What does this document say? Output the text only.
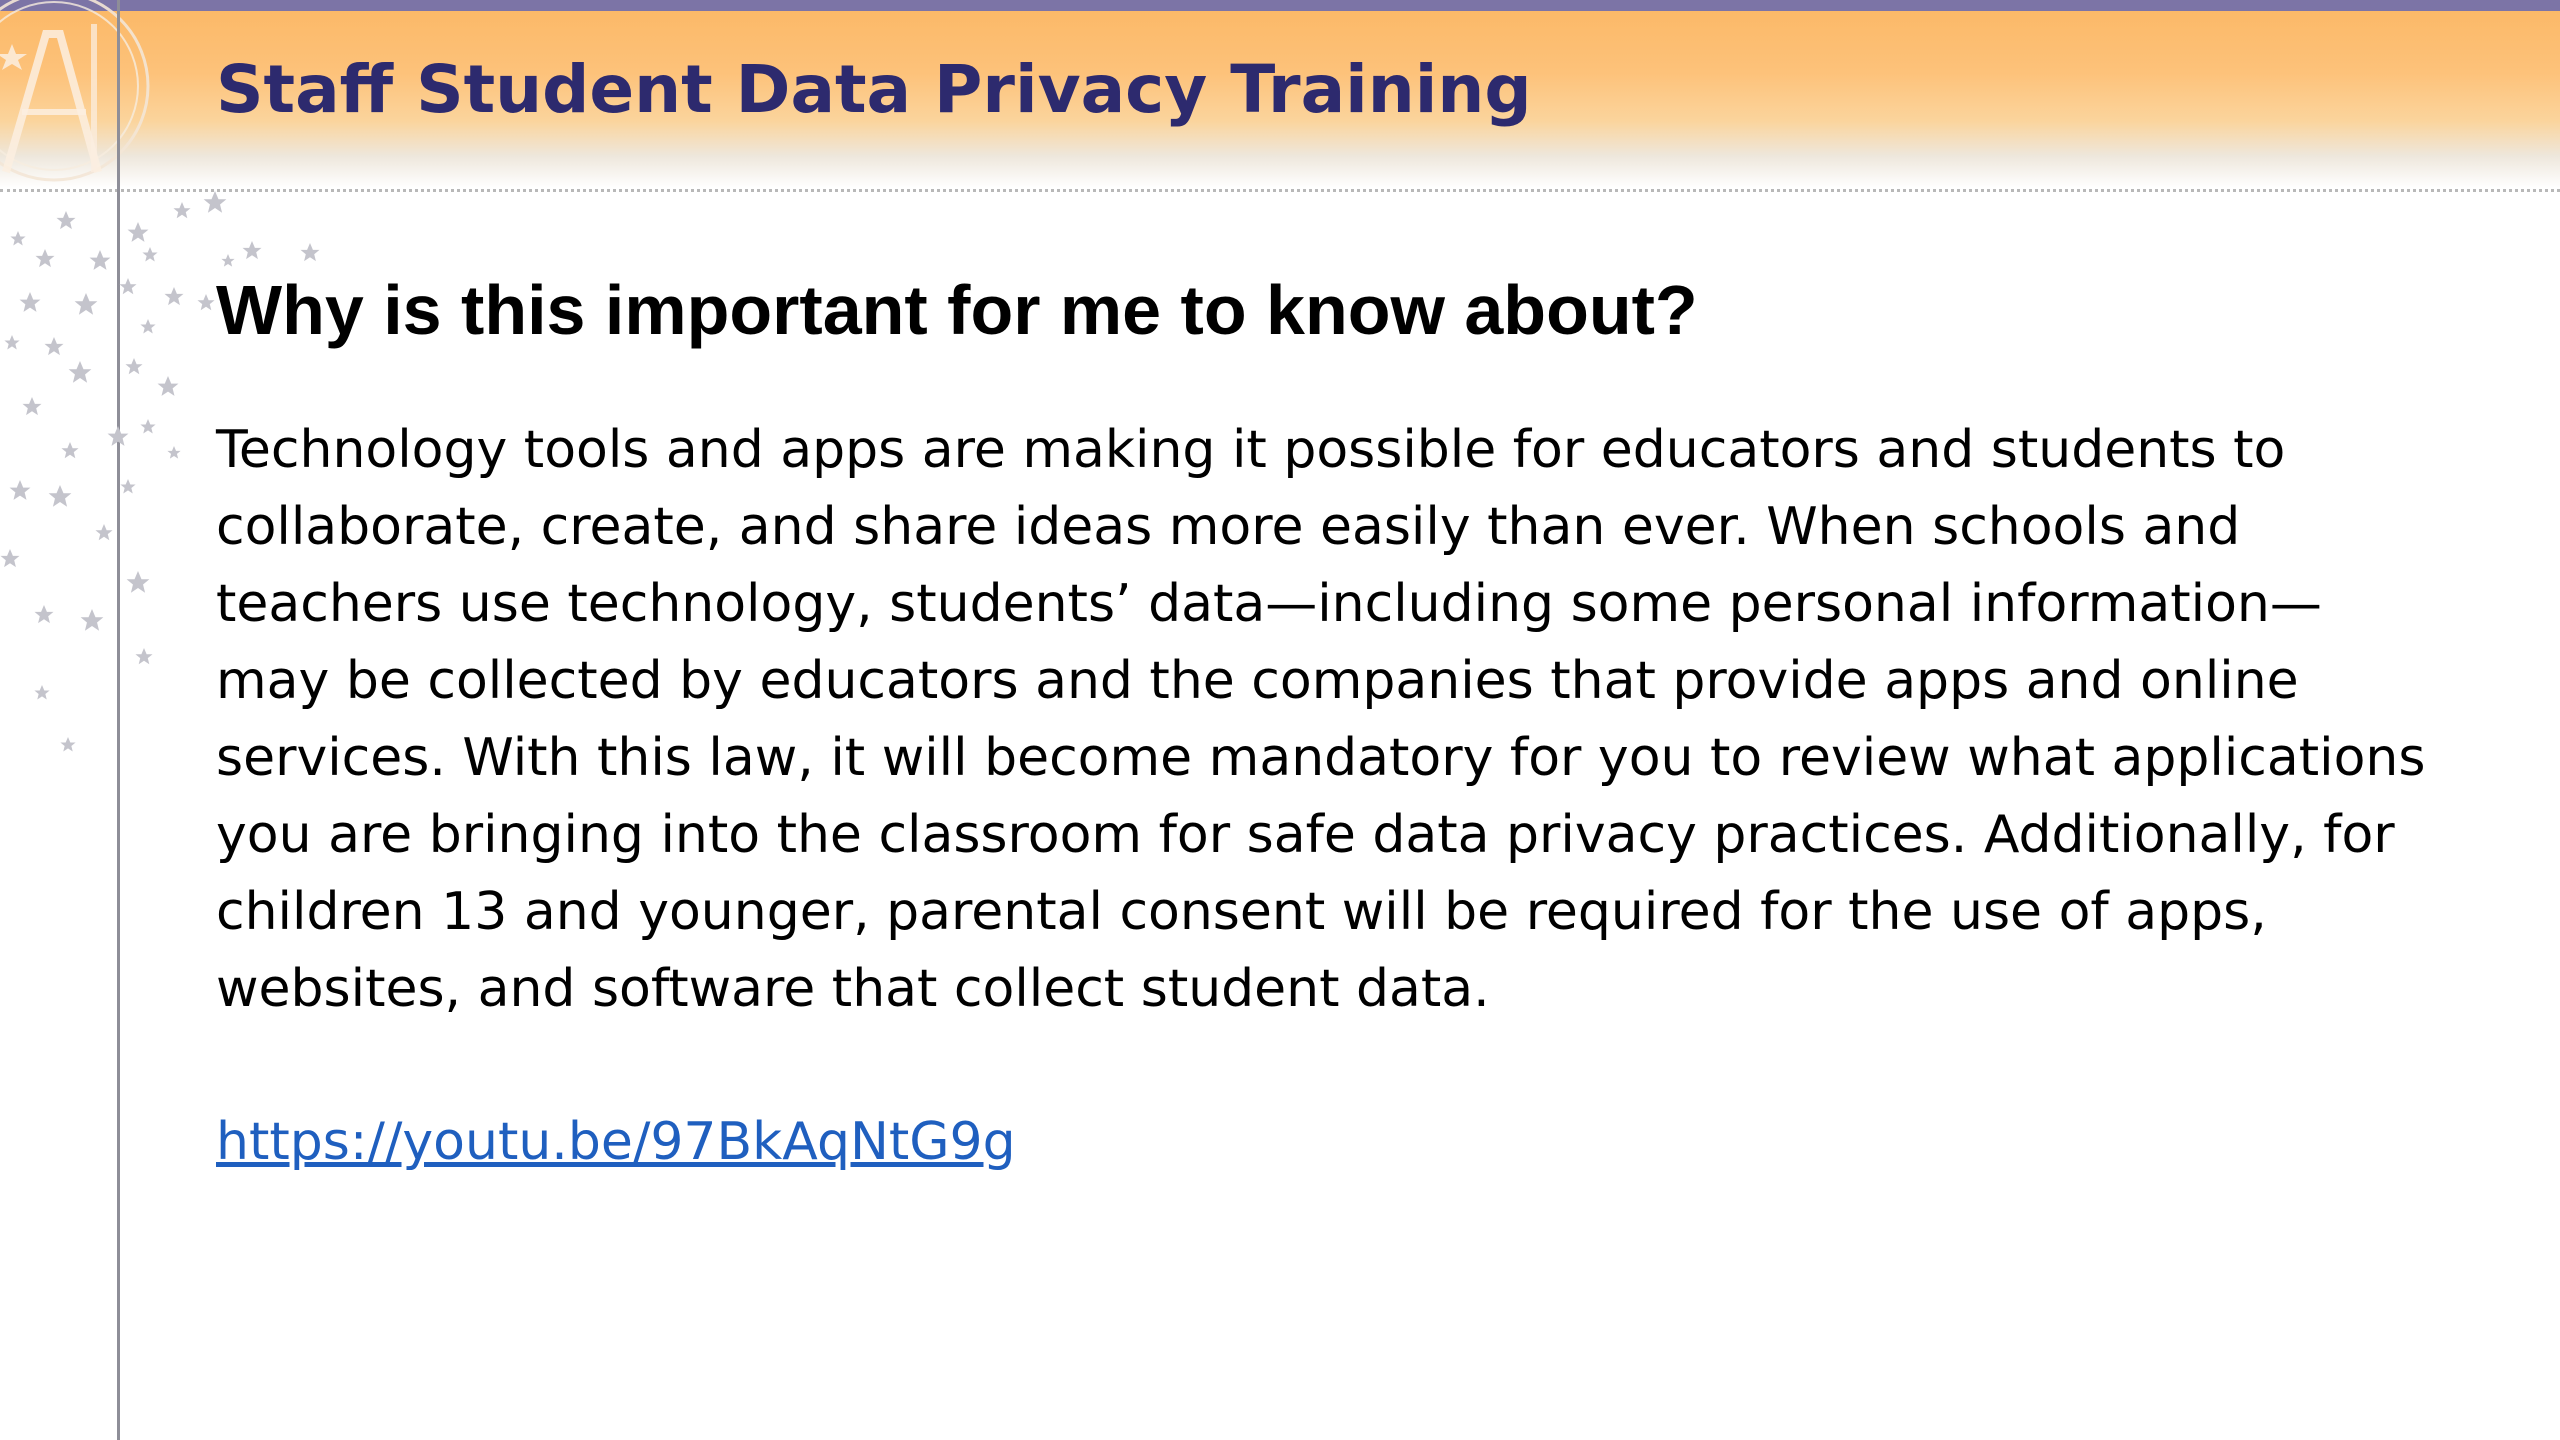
Staff Student Data Privacy Training
Why is this important for me to know about?
Technology tools and apps are making it possible for educators and students to
collaborate, create, and share ideas more easily than ever. When schools and
teachers use technology, students’ data—including some personal information—
may be collected by educators and the companies that provide apps and online
services. With this law, it will become mandatory for you to review what applications
you are bringing into the classroom for safe data privacy practices. Additionally, for
children 13 and younger, parental consent will be required for the use of apps,
websites, and software that collect student data.
https://youtu.be/97BkAqNtG9g
